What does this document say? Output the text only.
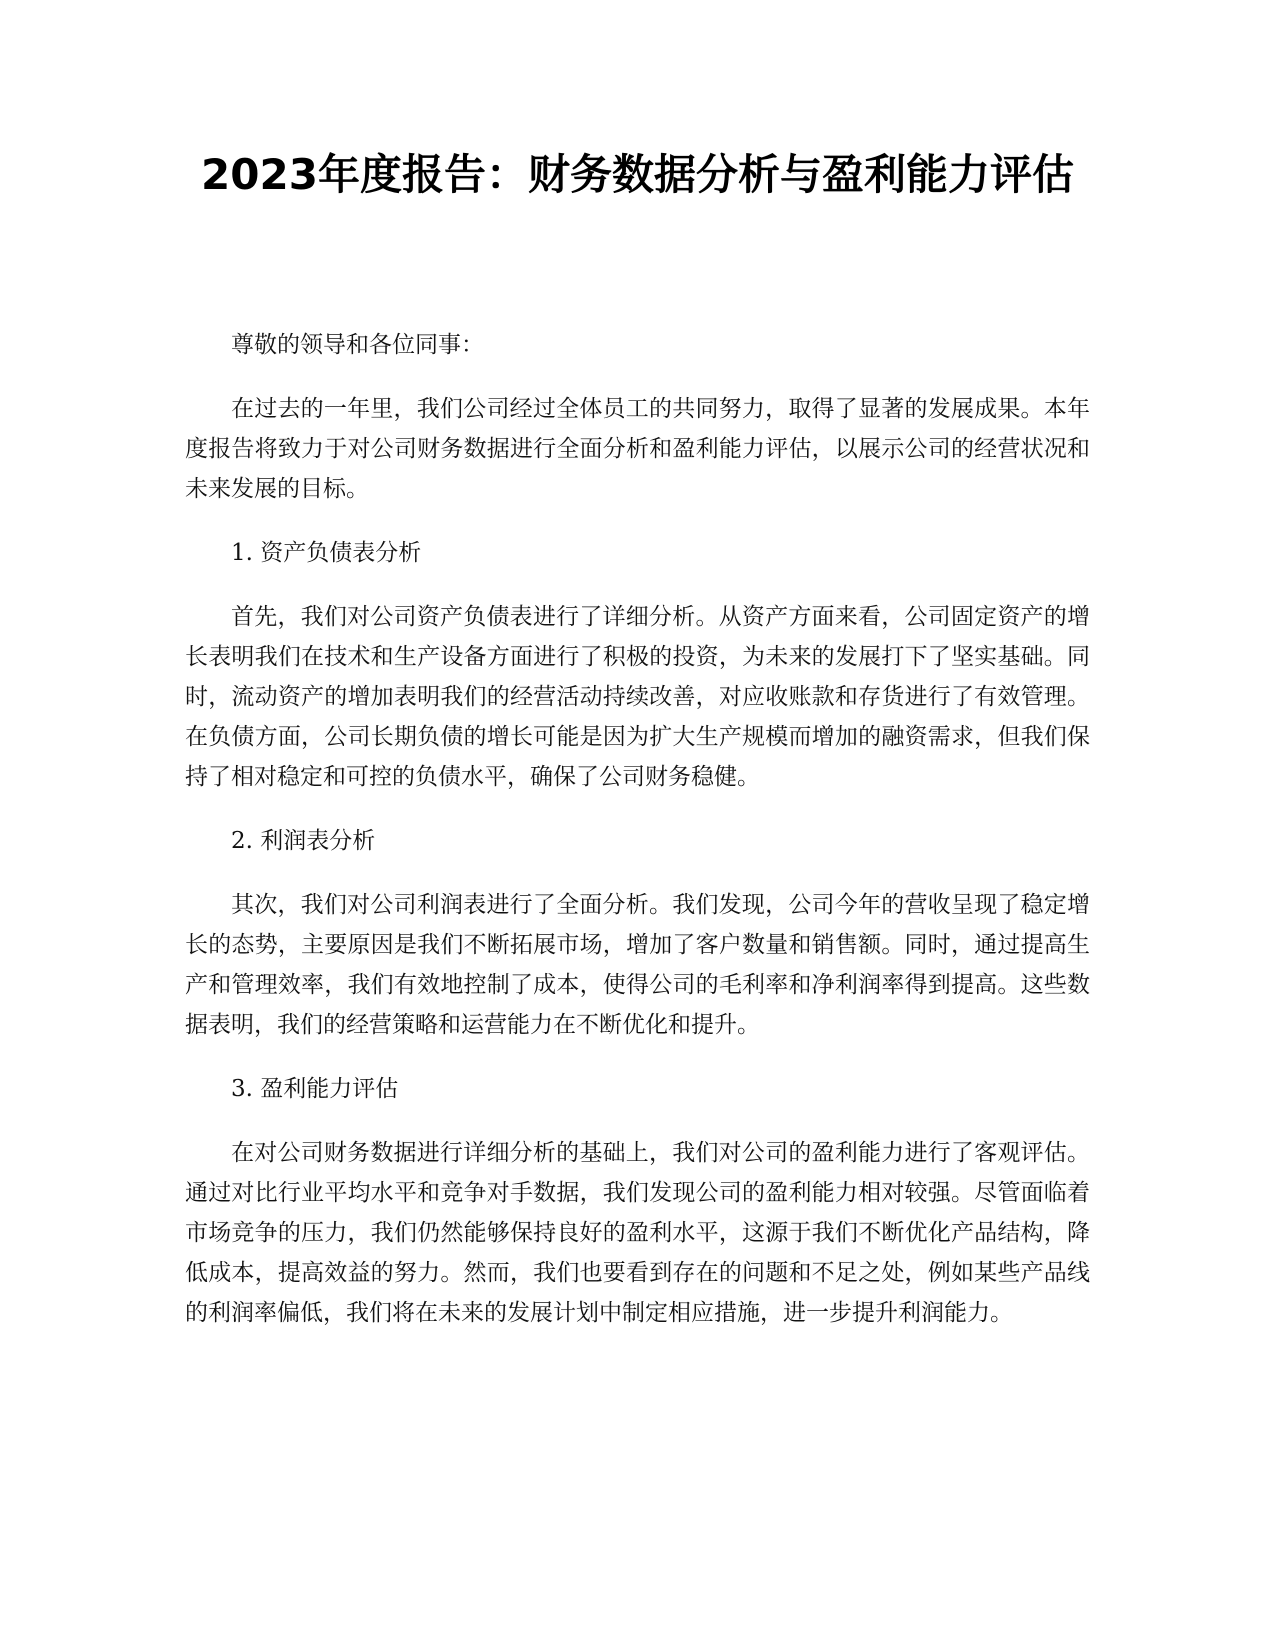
2023年度报告：财务数据分析与盈利能力评估

尊敬的领导和各位同事：

在过去的一年里，我们公司经过全体员工的共同努力，取得了显著的发展成果。本年度报告将致力于对公司财务数据进行全面分析和盈利能力评估，以展示公司的经营状况和未来发展的目标。

1. 资产负债表分析

首先，我们对公司资产负债表进行了详细分析。从资产方面来看，公司固定资产的增长表明我们在技术和生产设备方面进行了积极的投资，为未来的发展打下了坚实基础。同时，流动资产的增加表明我们的经营活动持续改善，对应收账款和存货进行了有效管理。在负债方面，公司长期负债的增长可能是因为扩大生产规模而增加的融资需求，但我们保持了相对稳定和可控的负债水平，确保了公司财务稳健。

2. 利润表分析

其次，我们对公司利润表进行了全面分析。我们发现，公司今年的营收呈现了稳定增长的态势，主要原因是我们不断拓展市场，增加了客户数量和销售额。同时，通过提高生产和管理效率，我们有效地控制了成本，使得公司的毛利率和净利润率得到提高。这些数据表明，我们的经营策略和运营能力在不断优化和提升。

3. 盈利能力评估

在对公司财务数据进行详细分析的基础上，我们对公司的盈利能力进行了客观评估。通过对比行业平均水平和竞争对手数据，我们发现公司的盈利能力相对较强。尽管面临着市场竞争的压力，我们仍然能够保持良好的盈利水平，这源于我们不断优化产品结构，降低成本，提高效益的努力。然而，我们也要看到存在的问题和不足之处，例如某些产品线的利润率偏低，我们将在未来的发展计划中制定相应措施，进一步提升利润能力。
